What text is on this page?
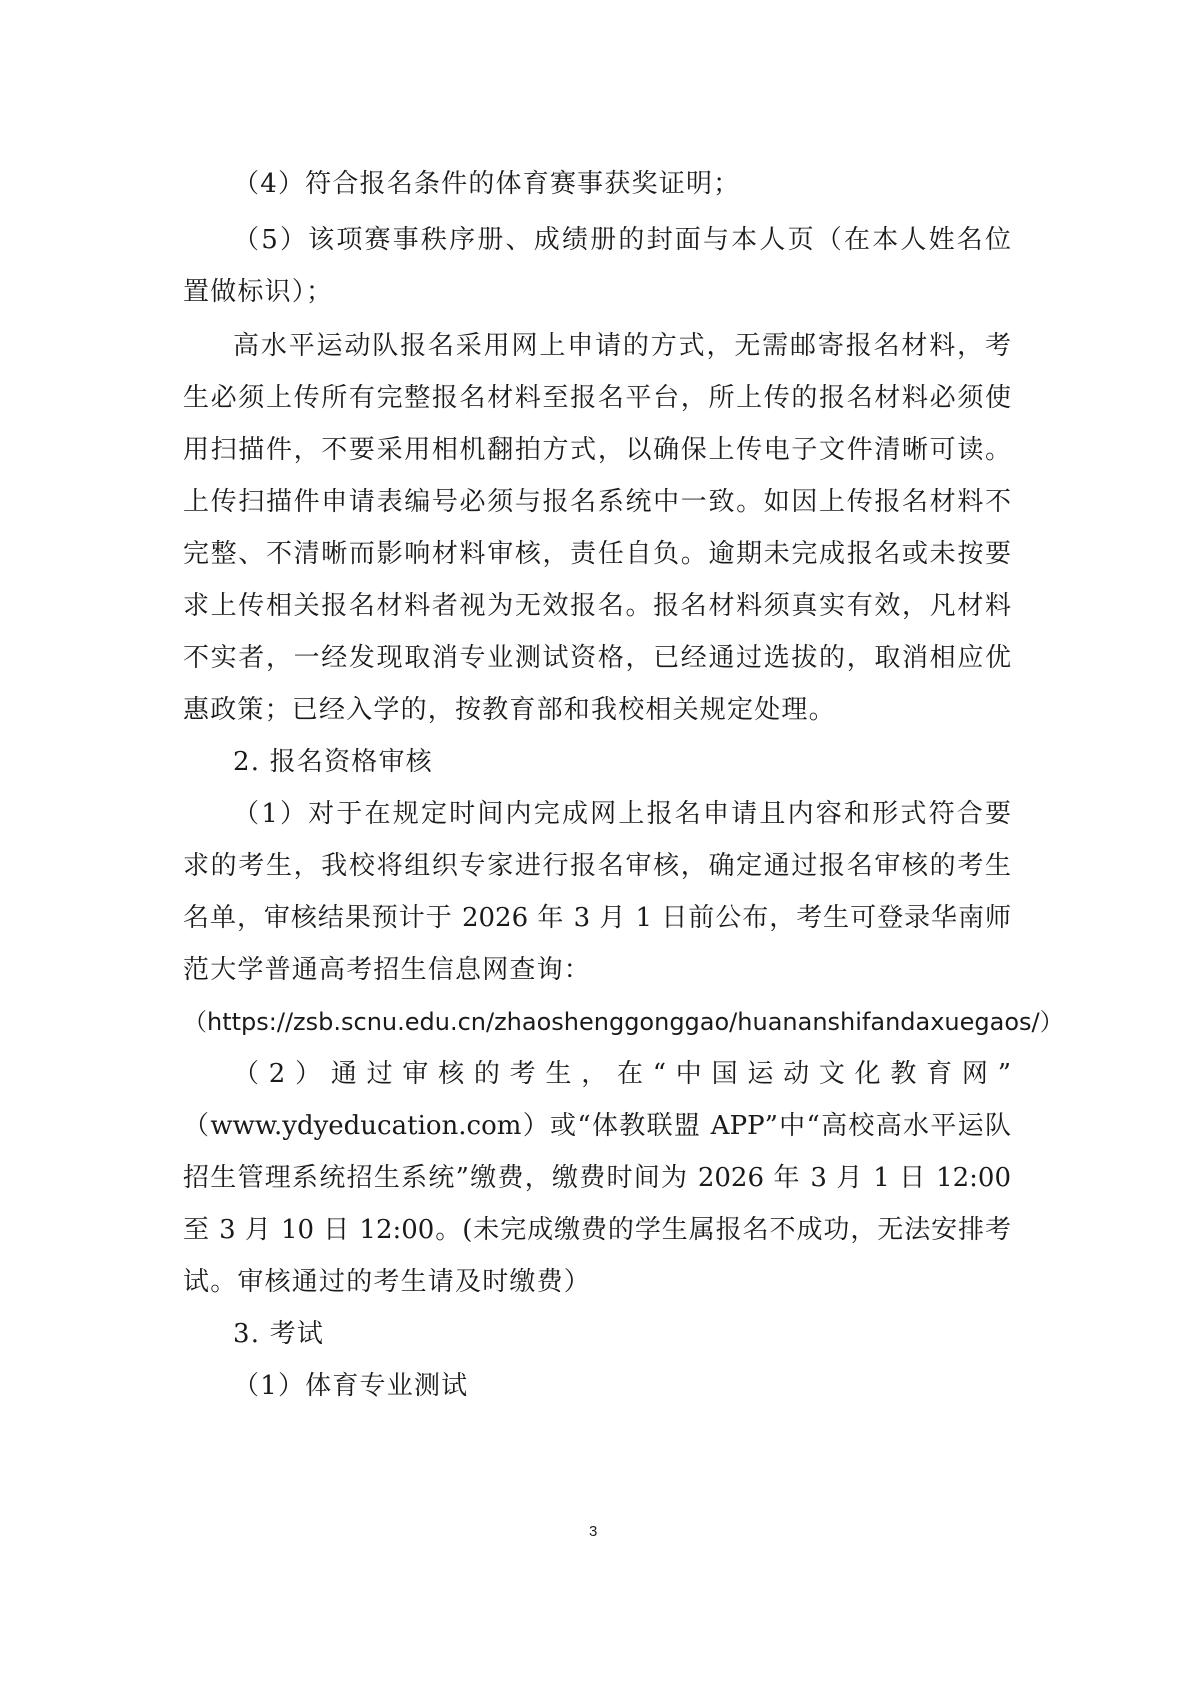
（4）符合报名条件的体育赛事获奖证明；
（5）该项赛事秩序册、成绩册的封面与本人页（在本人姓名位
置做标识）；
高水平运动队报名采用网上申请的方式，无需邮寄报名材料，考
生必须上传所有完整报名材料至报名平台，所上传的报名材料必须使
用扫描件，不要采用相机翻拍方式，以确保上传电子文件清晰可读。
上传扫描件申请表编号必须与报名系统中一致。如因上传报名材料不
完整、不清晰而影响材料审核，责任自负。逾期未完成报名或未按要
求上传相关报名材料者视为无效报名。报名材料须真实有效，凡材料
不实者，一经发现取消专业测试资格，已经通过选拔的，取消相应优
惠政策；已经入学的，按教育部和我校相关规定处理。
2. 报名资格审核
（1）对于在规定时间内完成网上报名申请且内容和形式符合要
求的考生，我校将组织专家进行报名审核，确定通过报名审核的考生
名单，审核结果预计于 2026 年 3 月 1 日前公布，考生可登录华南师
范大学普通高考招生信息网查询：
（https://zsb.scnu.edu.cn/zhaoshenggonggao/huananshifandaxuegaos/）
（2）通过审核的考生，在“中国运动文化教育网”
（www.ydyeducation.com）或“体教联盟 APP”中“高校高水平运队
招生管理系统招生系统”缴费，缴费时间为 2026 年 3 月 1 日 12:00
至 3 月 10 日 12:00。(未完成缴费的学生属报名不成功，无法安排考
试。审核通过的考生请及时缴费）
3. 考试
（1）体育专业测试
3
